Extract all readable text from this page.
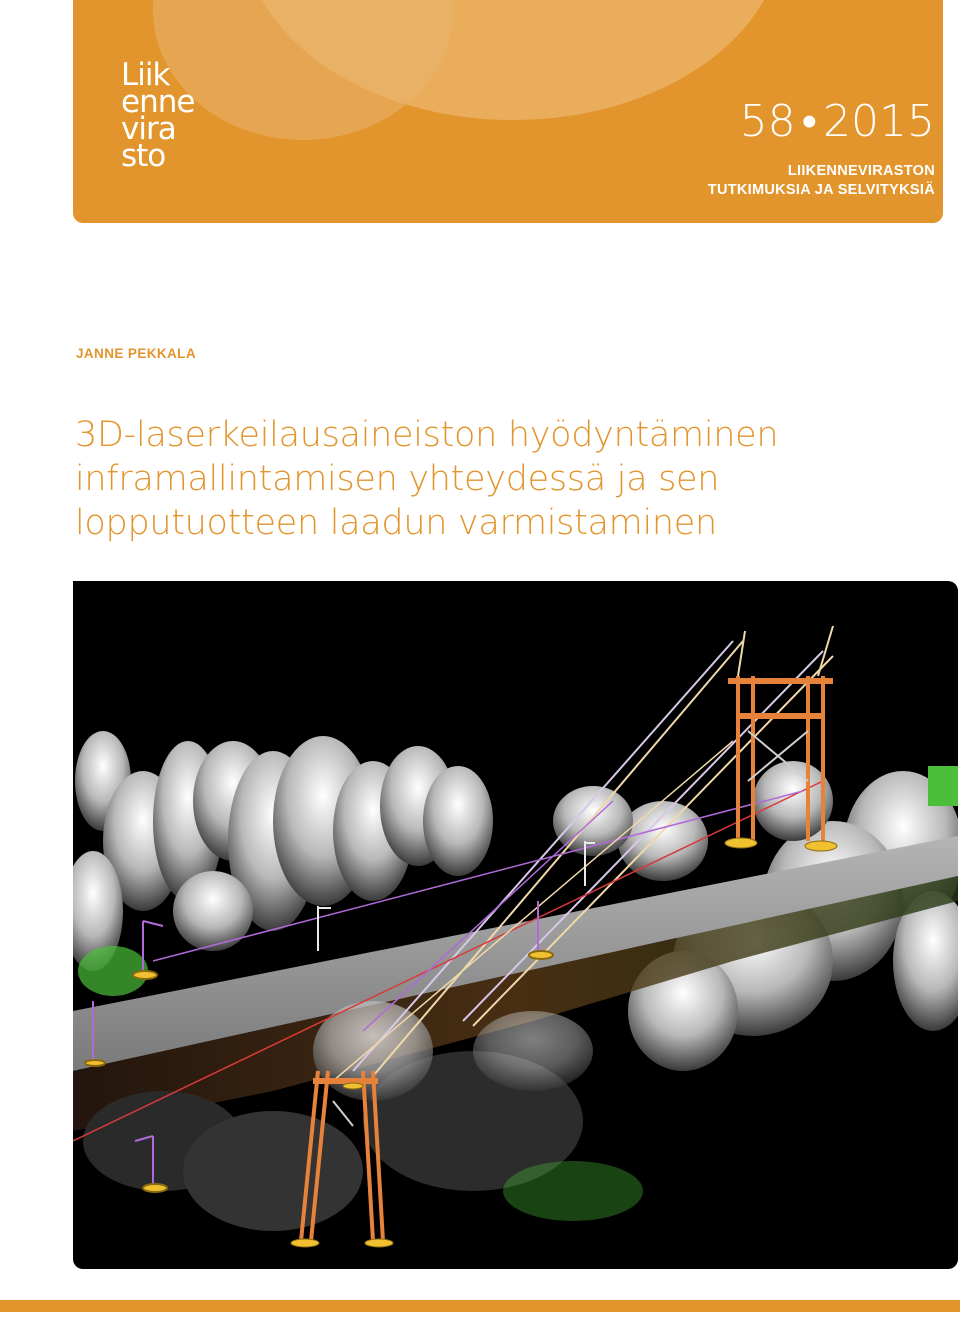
Liik
enne
vira
sto
58 • 2015
LIIKENNEVIRASTON
TUTKIMUKSIA JA SELVITYKSIÄ
JANNE PEKKALA
3D-laserkeilausaineiston hyödyntäminen
inframallintamisen yhteydessä ja sen
lopputuotteen laadun varmistaminen
